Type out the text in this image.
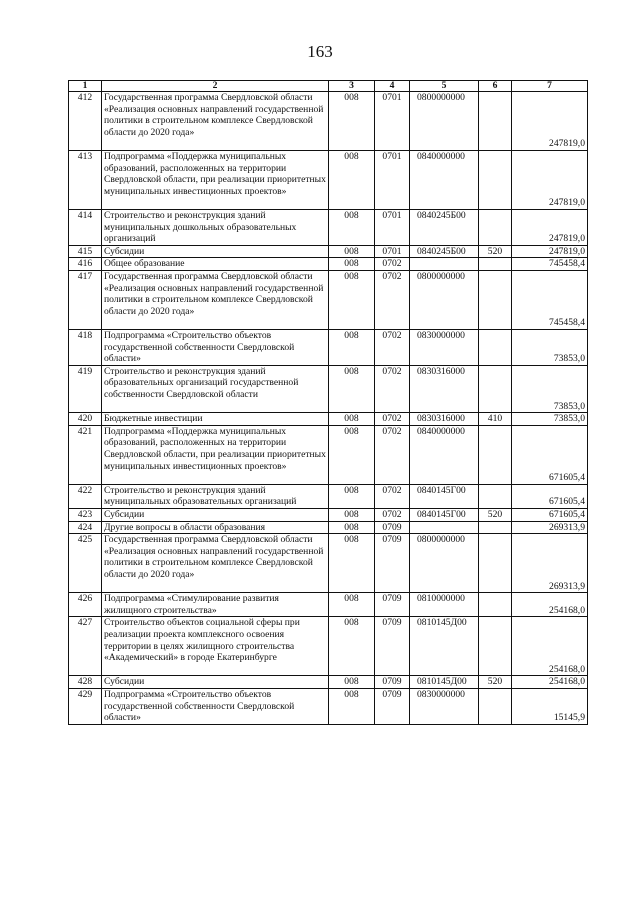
163
1	2	3	4	5	6	7
412	Государственная программа Свердловской области «Реализация основных направлений государственной политики в строительном комплексе Свердловской области до 2020 года»	008	0701	0800000000		247819,0
413	Подпрограмма «Поддержка муниципальных образований, расположенных на территории Свердловской области, при реализации приоритетных муниципальных инвестиционных проектов»	008	0701	0840000000		247819,0
414	Строительство и реконструкция зданий муниципальных дошкольных образовательных организаций	008	0701	0840245Б00		247819,0
415	Субсидии	008	0701	0840245Б00	520	247819,0
416	Общее образование	008	0702			745458,4
417	Государственная программа Свердловской области «Реализация основных направлений государственной политики в строительном комплексе Свердловской области до 2020 года»	008	0702	0800000000		745458,4
418	Подпрограмма «Строительство объектов государственной собственности Свердловской области»	008	0702	0830000000		73853,0
419	Строительство и реконструкция зданий образовательных организаций государственной собственности Свердловской области	008	0702	0830316000		73853,0
420	Бюджетные инвестиции	008	0702	0830316000	410	73853,0
421	Подпрограмма «Поддержка муниципальных образований, расположенных на территории Свердловской области, при реализации приоритетных муниципальных инвестиционных проектов»	008	0702	0840000000		671605,4
422	Строительство и реконструкция зданий муниципальных образовательных организаций	008	0702	0840145Г00		671605,4
423	Субсидии	008	0702	0840145Г00	520	671605,4
424	Другие вопросы в области образования	008	0709			269313,9
425	Государственная программа Свердловской области «Реализация основных направлений государственной политики в строительном комплексе Свердловской области до 2020 года»	008	0709	0800000000		269313,9
426	Подпрограмма «Стимулирование развития жилищного строительства»	008	0709	0810000000		254168,0
427	Строительство объектов социальной сферы при реализации проекта комплексного освоения территории в целях жилищного строительства «Академический» в городе Екатеринбурге	008	0709	0810145Д00		254168,0
428	Субсидии	008	0709	0810145Д00	520	254168,0
429	Подпрограмма «Строительство объектов государственной собственности Свердловской области»	008	0709	0830000000		15145,9
